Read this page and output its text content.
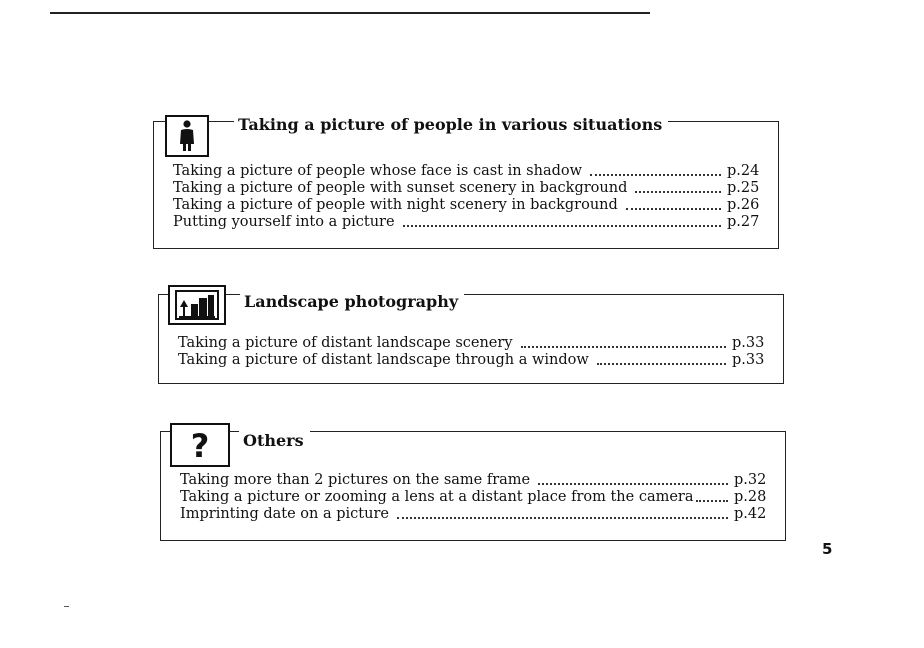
Taking a picture of people in various situations
Taking a picture of people whose face is cast in shadow	p.24
Taking a picture of people with sunset scenery in background	p.25
Taking a picture of people with night scenery in background	p.26
Putting yourself into a picture	p.27
Landscape photography
Taking a picture of distant landscape scenery	p.33
Taking a picture of distant landscape through a window	p.33
? Others
Taking more than 2 pictures on the same frame	p.32
Taking a picture or zooming a lens at a distant place from the camera	p.28
Imprinting date on a picture	p.42
5
